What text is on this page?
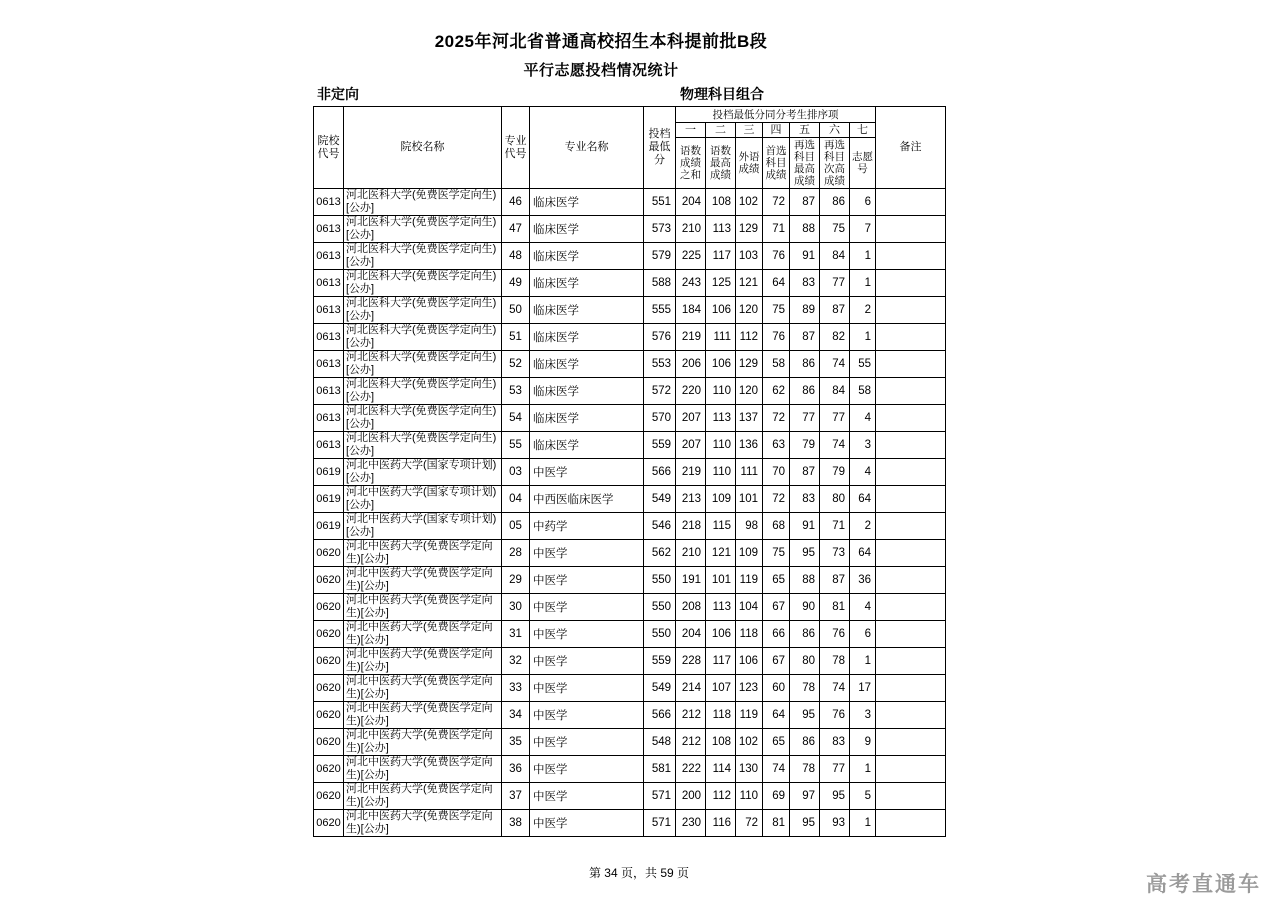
2025年河北省普通高校招生本科提前批B段
平行志愿投档情况统计
非定向	物理科目组合
院校代号	院校名称	专业代号	专业名称	投档最低分	投档最低分同分考生排序项							备注
					一	二	三	四	五	六	七	
					语数成绩之和	语数最高成绩	外语成绩	首选科目成绩	再选科目最高成绩	再选科目次高成绩	志愿号	
0613	河北医科大学(免费医学定向生)[公办]	46	临床医学	551	204	108	102	72	87	86	6	
0613	河北医科大学(免费医学定向生)[公办]	47	临床医学	573	210	113	129	71	88	75	7	
0613	河北医科大学(免费医学定向生)[公办]	48	临床医学	579	225	117	103	76	91	84	1	
0613	河北医科大学(免费医学定向生)[公办]	49	临床医学	588	243	125	121	64	83	77	1	
0613	河北医科大学(免费医学定向生)[公办]	50	临床医学	555	184	106	120	75	89	87	2	
0613	河北医科大学(免费医学定向生)[公办]	51	临床医学	576	219	111	112	76	87	82	1	
0613	河北医科大学(免费医学定向生)[公办]	52	临床医学	553	206	106	129	58	86	74	55	
0613	河北医科大学(免费医学定向生)[公办]	53	临床医学	572	220	110	120	62	86	84	58	
0613	河北医科大学(免费医学定向生)[公办]	54	临床医学	570	207	113	137	72	77	77	4	
0613	河北医科大学(免费医学定向生)[公办]	55	临床医学	559	207	110	136	63	79	74	3	
0619	河北中医药大学(国家专项计划)[公办]	03	中医学	566	219	110	111	70	87	79	4	
0619	河北中医药大学(国家专项计划)[公办]	04	中西医临床医学	549	213	109	101	72	83	80	64	
0619	河北中医药大学(国家专项计划)[公办]	05	中药学	546	218	115	98	68	91	71	2	
0620	河北中医药大学(免费医学定向生)[公办]	28	中医学	562	210	121	109	75	95	73	64	
0620	河北中医药大学(免费医学定向生)[公办]	29	中医学	550	191	101	119	65	88	87	36	
0620	河北中医药大学(免费医学定向生)[公办]	30	中医学	550	208	113	104	67	90	81	4	
0620	河北中医药大学(免费医学定向生)[公办]	31	中医学	550	204	106	118	66	86	76	6	
0620	河北中医药大学(免费医学定向生)[公办]	32	中医学	559	228	117	106	67	80	78	1	
0620	河北中医药大学(免费医学定向生)[公办]	33	中医学	549	214	107	123	60	78	74	17	
0620	河北中医药大学(免费医学定向生)[公办]	34	中医学	566	212	118	119	64	95	76	3	
0620	河北中医药大学(免费医学定向生)[公办]	35	中医学	548	212	108	102	65	86	83	9	
0620	河北中医药大学(免费医学定向生)[公办]	36	中医学	581	222	114	130	74	78	77	1	
0620	河北中医药大学(免费医学定向生)[公办]	37	中医学	571	200	112	110	69	97	95	5	
0620	河北中医药大学(免费医学定向生)[公办]	38	中医学	571	230	116	72	81	95	93	1	
第 34 页，共 59 页	高考直通车
